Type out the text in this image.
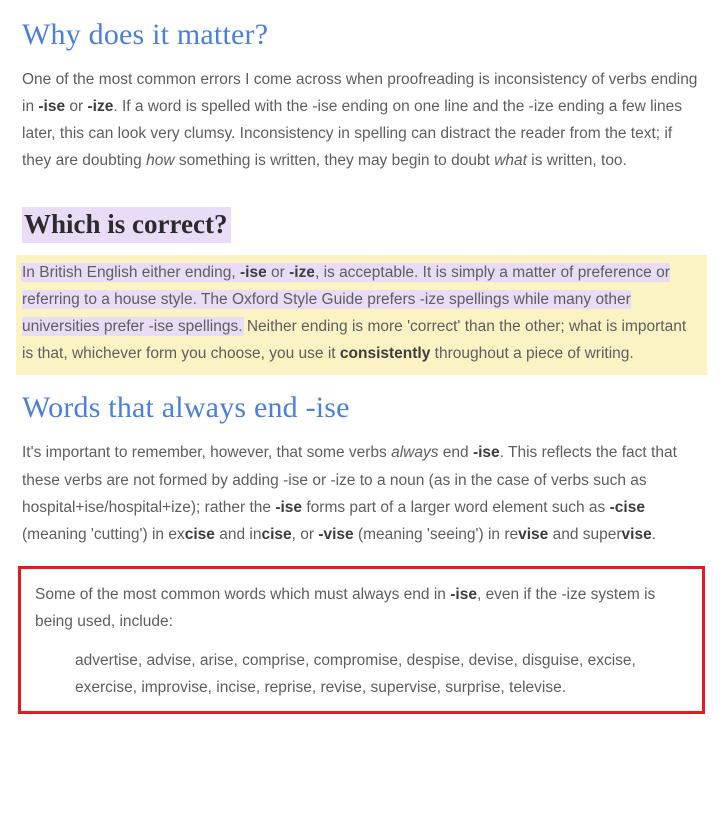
Why does it matter?

One of the most common errors I come across when proofreading is inconsistency of verbs ending in -ise or -ize. If a word is spelled with the -ise ending on one line and the -ize ending a few lines later, this can look very clumsy. Inconsistency in spelling can distract the reader from the text; if they are doubting how something is written, they may begin to doubt what is written, too.

Which is correct?

In British English either ending, -ise or -ize, is acceptable. It is simply a matter of preference or referring to a house style. The Oxford Style Guide prefers -ize spellings while many other universities prefer -ise spellings. Neither ending is more 'correct' than the other; what is important is that, whichever form you choose, you use it consistently throughout a piece of writing.

Words that always end -ise

It's important to remember, however, that some verbs always end -ise. This reflects the fact that these verbs are not formed by adding -ise or -ize to a noun (as in the case of verbs such as hospital+ise/hospital+ize); rather the -ise forms part of a larger word element such as -cise (meaning 'cutting') in excise and incise, or -vise (meaning 'seeing') in revise and supervise.

Some of the most common words which must always end in -ise, even if the -ize system is being used, include:

advertise, advise, arise, comprise, compromise, despise, devise, disguise, excise,
exercise, improvise, incise, reprise, revise, supervise, surprise, televise.
